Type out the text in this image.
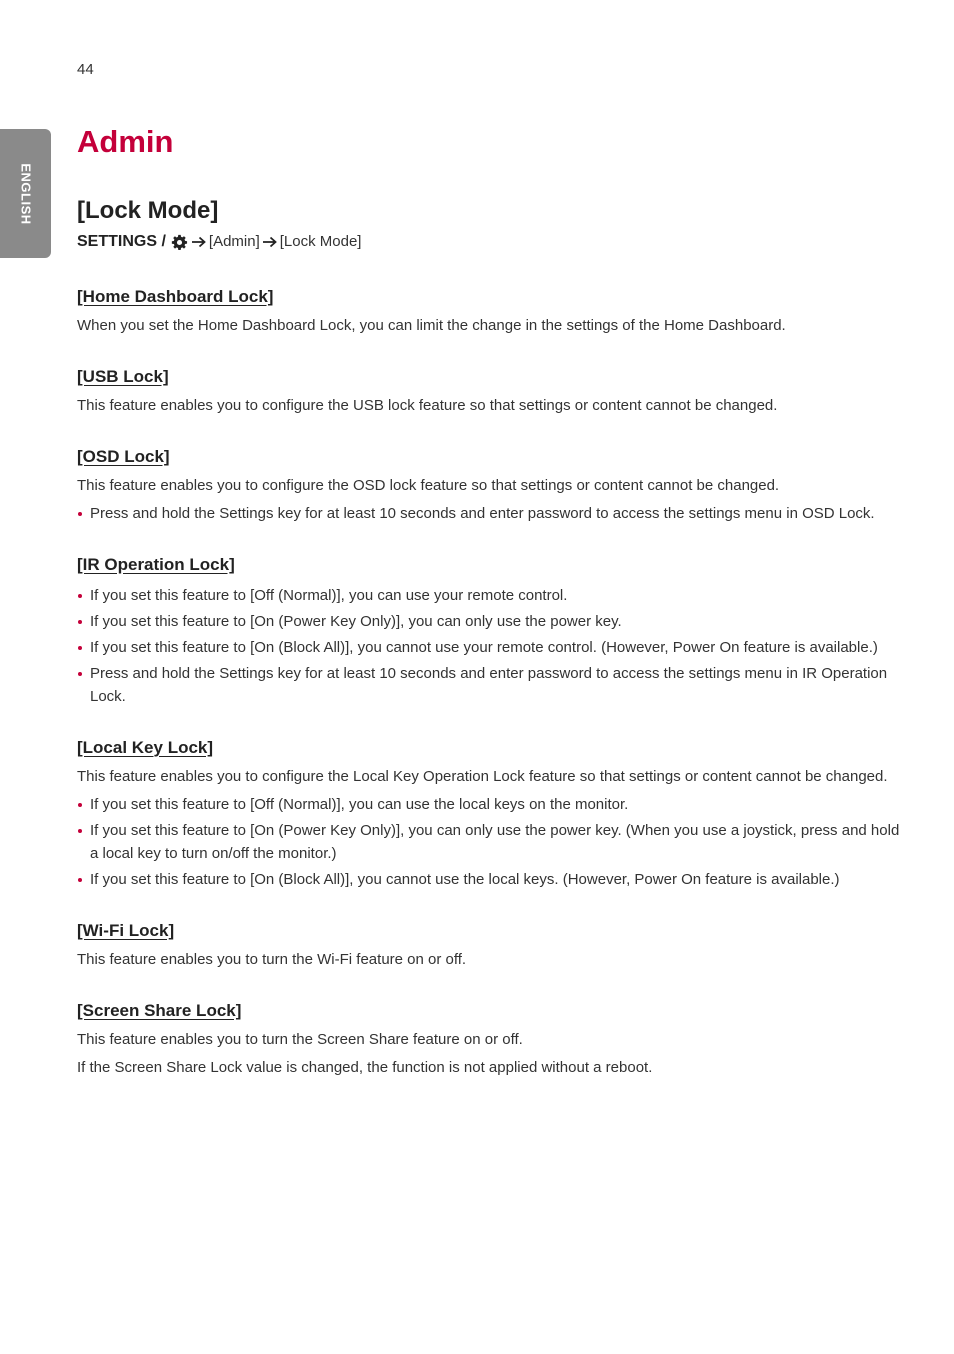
44
ENGLISH
Admin
[Lock Mode]
SETTINGS /	[Admin] [Lock Mode]
[Home Dashboard Lock]

When you set the Home Dashboard Lock, you can limit the change in the settings of the Home Dashboard.

[USB Lock]

This feature enables you to configure the USB lock feature so that settings or content cannot be changed.

[OSD Lock]

This feature enables you to configure the OSD lock feature so that settings or content cannot be changed.

Press and hold the Settings key for at least 10 seconds and enter password to access the settings menu in OSD Lock.
[IR Operation Lock]
If you set this feature to [Off (Normal)], you can use your remote control.
If you set this feature to [On (Power Key Only)], you can only use the power key.
If you set this feature to [On (Block All)], you cannot use your remote control. (However, Power On feature is available.)
Press and hold the Settings key for at least 10 seconds and enter password to access the settings menu in IR Operation Lock.
[Local Key Lock]

This feature enables you to configure the Local Key Operation Lock feature so that settings or content cannot be changed.

If you set this feature to [Off (Normal)], you can use the local keys on the monitor.
If you set this feature to [On (Power Key Only)], you can only use the power key. (When you use a joystick, press and hold a local key to turn on/off the monitor.)
If you set this feature to [On (Block All)], you cannot use the local keys. (However, Power On feature is available.)
[Wi-Fi Lock]

This feature enables you to turn the Wi-Fi feature on or off.

[Screen Share Lock]

This feature enables you to turn the Screen Share feature on or off.

If the Screen Share Lock value is changed, the function is not applied without a reboot.
